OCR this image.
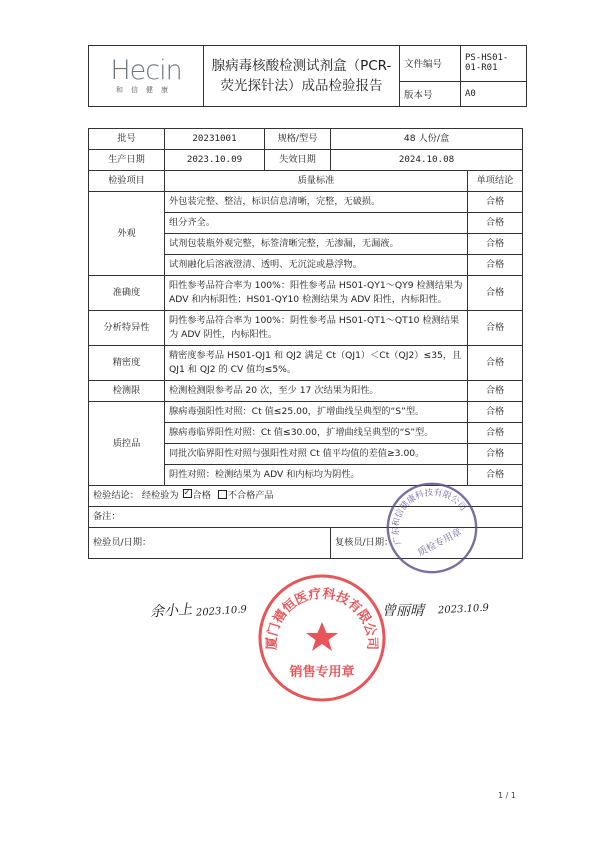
Hecin
和信健康	腺病毒核酸检测试剂盒（PCR-荧光探针法）成品检验报告	文件编号	PS-HS01-01-R01
		版本号	A0
批号	20231001	规格/型号	48 人份/盒	
生产日期	2023.10.09	失效日期	2024.10.08	
检验项目	质量标准			单项结论
外观	外包装完整、整洁，标识信息清晰，完整，无破损。			合格
	组分齐全。			合格
	试剂包装瓶外观完整，标签清晰完整，无渗漏，无漏液。			合格
	试剂融化后溶液澄清、透明、无沉淀或悬浮物。			合格
准确度	阳性参考品符合率为 100%：阳性参考品 HS01-QY1～QY9 检测结果为 ADV 和内标阳性；HS01-QY10 检测结果为 ADV 阳性，内标阳性。			合格
分析特异性	阴性参考品符合率为 100%：阴性参考品 HS01-QT1～QT10 检测结果为 ADV 阴性，内标阳性。			合格
精密度	精密度参考品 HS01-QJ1 和 QJ2 满足 Ct（QJ1）＜Ct（QJ2）≤35，且 QJ1 和 QJ2 的 CV 值均≤5%。			合格
检测限	检测检测限参考品 20 次，至少 17 次结果为阳性。			合格
质控品	腺病毒强阳性对照：Ct 值≤25.00，扩增曲线呈典型的“S”型。			合格
	腺病毒临界阳性对照：Ct 值≤30.00，扩增曲线呈典型的“S”型。			合格
	同批次临界阳性对照与强阳性对照 Ct 值平均值的差值≥3.00。			合格
	阴性对照：检测结果为 ADV 和内标均为阴性。			合格
检验结论： 经检验为 ✓ 合格 不合格产品
备注：				
检验员/日期：			复核员/日期：	
余小上 2023.10.9	曾丽晴 2023.10.9
广东和信健康科技有限公司
质检专用章
厦门禧恒医疗科技有限公司
销售专用章
1 / 1
